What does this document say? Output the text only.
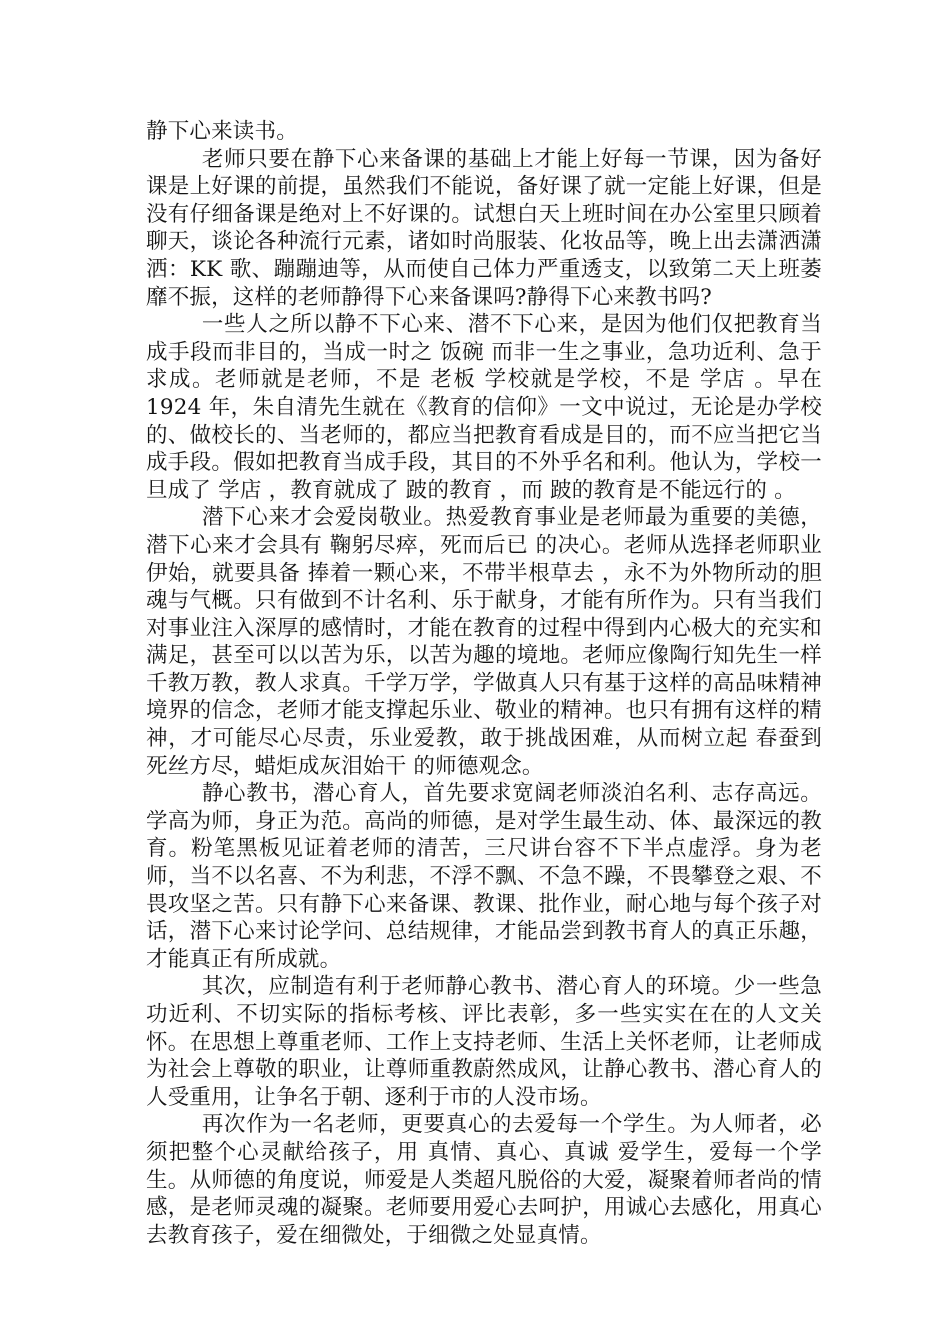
静下心来读书。

老师只要在静下心来备课的基础上才能上好每一节课，因为备好课是上好课的前提，虽然我们不能说，备好课了就一定能上好课，但是没有仔细备课是绝对上不好课的。试想白天上班时间在办公室里只顾着聊天，谈论各种流行元素，诸如时尚服装、化妆品等，晚上出去潇洒潇洒：KK 歌、蹦蹦迪等，从而使自己体力严重透支，以致第二天上班萎靡不振，这样的老师静得下心来备课吗?静得下心来教书吗?

一些人之所以静不下心来、潜不下心来，是因为他们仅把教育当成手段而非目的，当成一时之 饭碗 而非一生之事业，急功近利、急于求成。老师就是老师，不是 老板 学校就是学校，不是 学店 。早在 1924 年，朱自清先生就在《教育的信仰》一文中说过，无论是办学校的、做校长的、当老师的，都应当把教育看成是目的，而不应当把它当成手段。假如把教育当成手段，其目的不外乎名和利。他认为，学校一旦成了 学店 ，教育就成了 跛的教育 ，而 跛的教育是不能远行的 。

潜下心来才会爱岗敬业。热爱教育事业是老师最为重要的美德，潜下心来才会具有 鞠躬尽瘁，死而后已 的决心。老师从选择老师职业伊始，就要具备 捧着一颗心来，不带半根草去 ，永不为外物所动的胆魂与气概。只有做到不计名利、乐于献身，才能有所作为。只有当我们对事业注入深厚的感情时，才能在教育的过程中得到内心极大的充实和满足，甚至可以以苦为乐，以苦为趣的境地。老师应像陶行知先生一样 千教万教，教人求真。千学万学，学做真人只有基于这样的高品味精神境界的信念，老师才能支撑起乐业、敬业的精神。也只有拥有这样的精神，才可能尽心尽责，乐业爱教，敢于挑战困难，从而树立起 春蚕到死丝方尽，蜡炬成灰泪始干 的师德观念。

静心教书，潜心育人，首先要求宽阔老师淡泊名利、志存高远。学高为师，身正为范。高尚的师德，是对学生最生动、体、最深远的教育。粉笔黑板见证着老师的清苦，三尺讲台容不下半点虚浮。身为老师，当不以名喜、不为利悲，不浮不飘、不急不躁，不畏攀登之艰、不畏攻坚之苦。只有静下心来备课、教课、批作业，耐心地与每个孩子对话，潜下心来讨论学问、总结规律，才能品尝到教书育人的真正乐趣，才能真正有所成就。

其次，应制造有利于老师静心教书、潜心育人的环境。少一些急功近利、不切实际的指标考核、评比表彰，多一些实实在在的人文关怀。在思想上尊重老师、工作上支持老师、生活上关怀老师，让老师成为社会上尊敬的职业，让尊师重教蔚然成风，让静心教书、潜心育人的人受重用，让争名于朝、逐利于市的人没市场。

再次作为一名老师，更要真心的去爱每一个学生。为人师者，必须把整个心灵献给孩子，用 真情、真心、真诚 爱学生，爱每一个学生。从师德的角度说，师爱是人类超凡脱俗的大爱，凝聚着师者尚的情感，是老师灵魂的凝聚。老师要用爱心去呵护，用诚心去感化，用真心去教育孩子，爱在细微处，于细微之处显真情。
